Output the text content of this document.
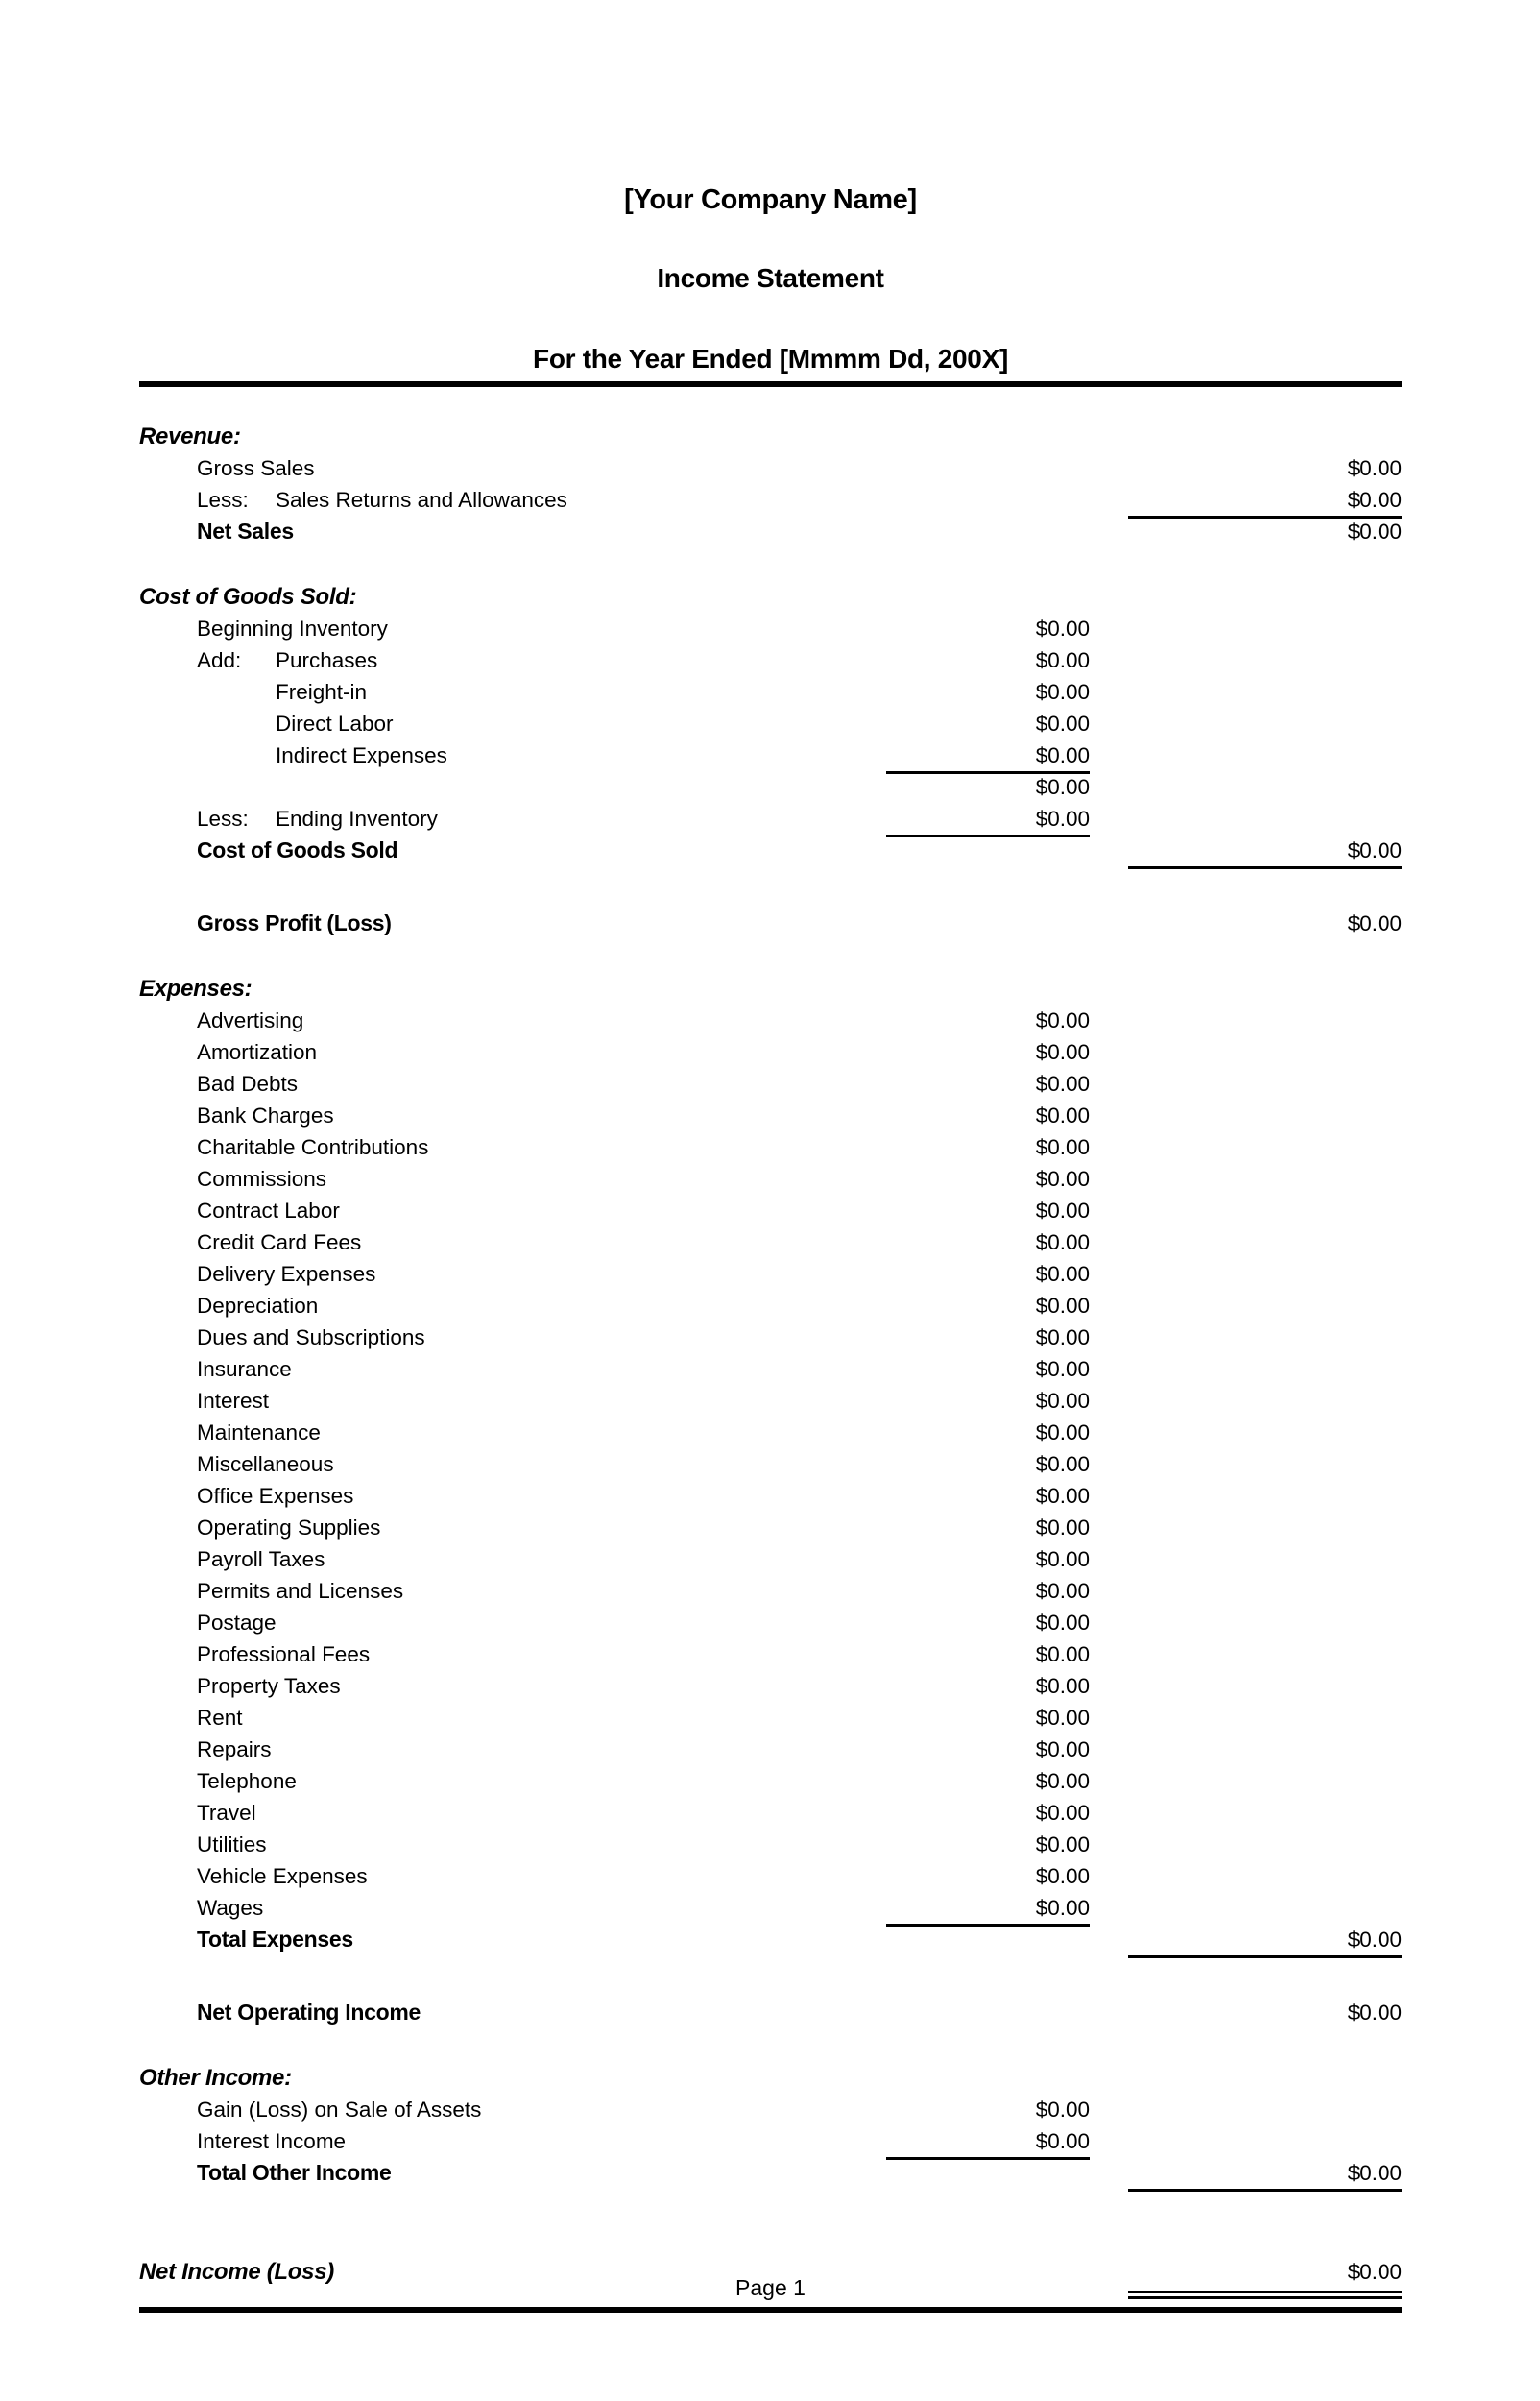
[Your Company Name]
Income Statement
For the Year Ended [Mmmm Dd, 200X]
Revenue:
Gross Sales	$0.00
Less: Sales Returns and Allowances	$0.00
Net Sales	$0.00
Cost of Goods Sold:
Beginning Inventory	$0.00
Add: Purchases	$0.00
Freight-in	$0.00
Direct Labor	$0.00
Indirect Expenses	$0.00
$0.00
Less: Ending Inventory	$0.00
Cost of Goods Sold	$0.00
Gross Profit (Loss)	$0.00
Expenses:
Advertising	$0.00
Amortization	$0.00
Bad Debts	$0.00
Bank Charges	$0.00
Charitable Contributions	$0.00
Commissions	$0.00
Contract Labor	$0.00
Credit Card Fees	$0.00
Delivery Expenses	$0.00
Depreciation	$0.00
Dues and Subscriptions	$0.00
Insurance	$0.00
Interest	$0.00
Maintenance	$0.00
Miscellaneous	$0.00
Office Expenses	$0.00
Operating Supplies	$0.00
Payroll Taxes	$0.00
Permits and Licenses	$0.00
Postage	$0.00
Professional Fees	$0.00
Property Taxes	$0.00
Rent	$0.00
Repairs	$0.00
Telephone	$0.00
Travel	$0.00
Utilities	$0.00
Vehicle Expenses	$0.00
Wages	$0.00
Total Expenses	$0.00
Net Operating Income	$0.00
Other Income:
Gain (Loss) on Sale of Assets	$0.00
Interest Income	$0.00
Total Other Income	$0.00
Net Income (Loss)	$0.00
Page 1
